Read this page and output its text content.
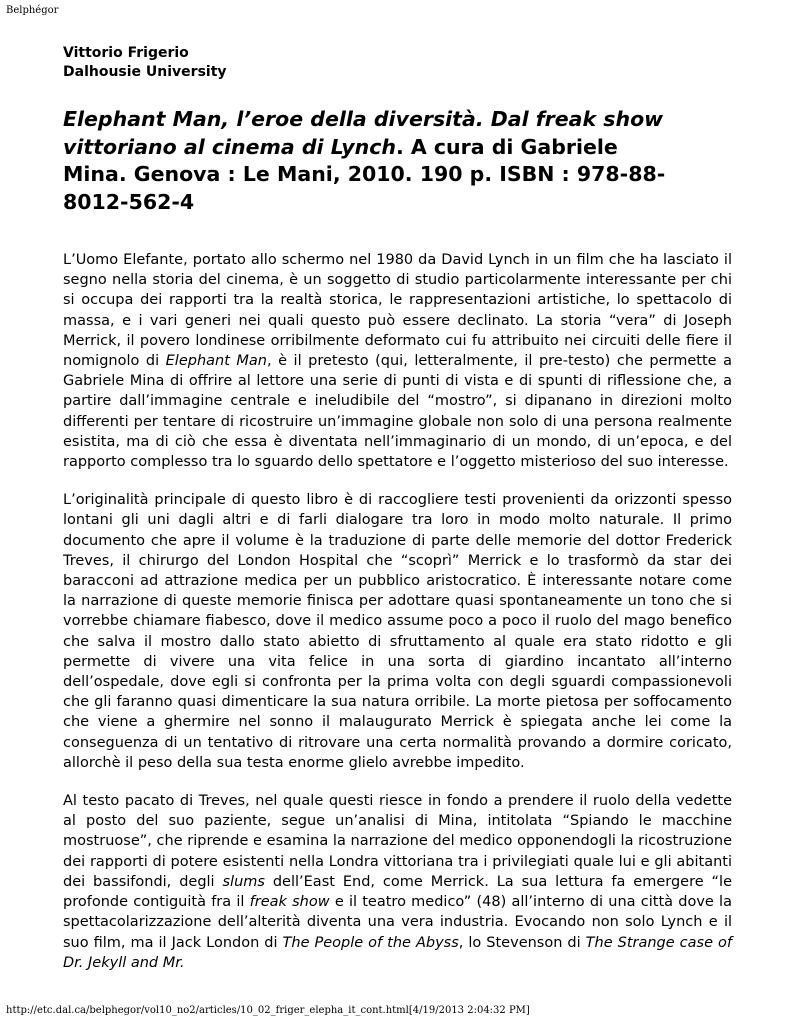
Belphégor
Vittorio Frigerio
Dalhousie University
Elephant Man, l’eroe della diversità. Dal freak show vittoriano al cinema di Lynch. A cura di Gabriele Mina. Genova : Le Mani, 2010. 190 p. ISBN : 978-88-8012-562-4

L’Uomo Elefante, portato allo schermo nel 1980 da David Lynch in un film che ha lasciato il segno nella storia del cinema, è un soggetto di studio particolarmente interessante per chi si occupa dei rapporti tra la realtà storica, le rappresentazioni artistiche, lo spettacolo di massa, e i vari generi nei quali questo può essere declinato. La storia “vera” di Joseph Merrick, il povero londinese orribilmente deformato cui fu attribuito nei circuiti delle fiere il nomignolo di Elephant Man, è il pretesto (qui, letteralmente, il pre-testo) che permette a Gabriele Mina di offrire al lettore una serie di punti di vista e di spunti di riflessione che, a partire dall’immagine centrale e ineludibile del “mostro”, si dipanano in direzioni molto differenti per tentare di ricostruire un’immagine globale non solo di una persona realmente esistita, ma di ciò che essa è diventata nell’immaginario di un mondo, di un’epoca, e del rapporto complesso tra lo sguardo dello spettatore e l’oggetto misterioso del suo interesse.

L’originalità principale di questo libro è di raccogliere testi provenienti da orizzonti spesso lontani gli uni dagli altri e di farli dialogare tra loro in modo molto naturale. Il primo documento che apre il volume è la traduzione di parte delle memorie del dottor Frederick Treves, il chirurgo del London Hospital che “scoprì” Merrick e lo trasformò da star dei baracconi ad attrazione medica per un pubblico aristocratico. È interessante notare come la narrazione di queste memorie finisca per adottare quasi spontaneamente un tono che si vorrebbe chiamare fiabesco, dove il medico assume poco a poco il ruolo del mago benefico che salva il mostro dallo stato abietto di sfruttamento al quale era stato ridotto e gli permette di vivere una vita felice in una sorta di giardino incantato all’interno dell’ospedale, dove egli si confronta per la prima volta con degli sguardi compassionevoli che gli faranno quasi dimenticare la sua natura orribile. La morte pietosa per soffocamento che viene a ghermire nel sonno il malaugurato Merrick è spiegata anche lei come la conseguenza di un tentativo di ritrovare una certa normalità provando a dormire coricato, allorchè il peso della sua testa enorme glielo avrebbe impedito.

Al testo pacato di Treves, nel quale questi riesce in fondo a prendere il ruolo della vedette al posto del suo paziente, segue un’analisi di Mina, intitolata “Spiando le macchine mostruose”, che riprende e esamina la narrazione del medico opponendogli la ricostruzione dei rapporti di potere esistenti nella Londra vittoriana tra i privilegiati quale lui e gli abitanti dei bassifondi, degli slums dell’East End, come Merrick. La sua lettura fa emergere “le profonde contiguità fra il freak show e il teatro medico” (48) all’interno di una città dove la spettacolarizzazione dell’alterità diventa una vera industria. Evocando non solo Lynch e il suo film, ma il Jack London di The People of the Abyss, lo Stevenson di The Strange case of Dr. Jekyll and Mr.

http://etc.dal.ca/belphegor/vol10_no2/articles/10_02_friger_elepha_it_cont.html[4/19/2013 2:04:32 PM]
